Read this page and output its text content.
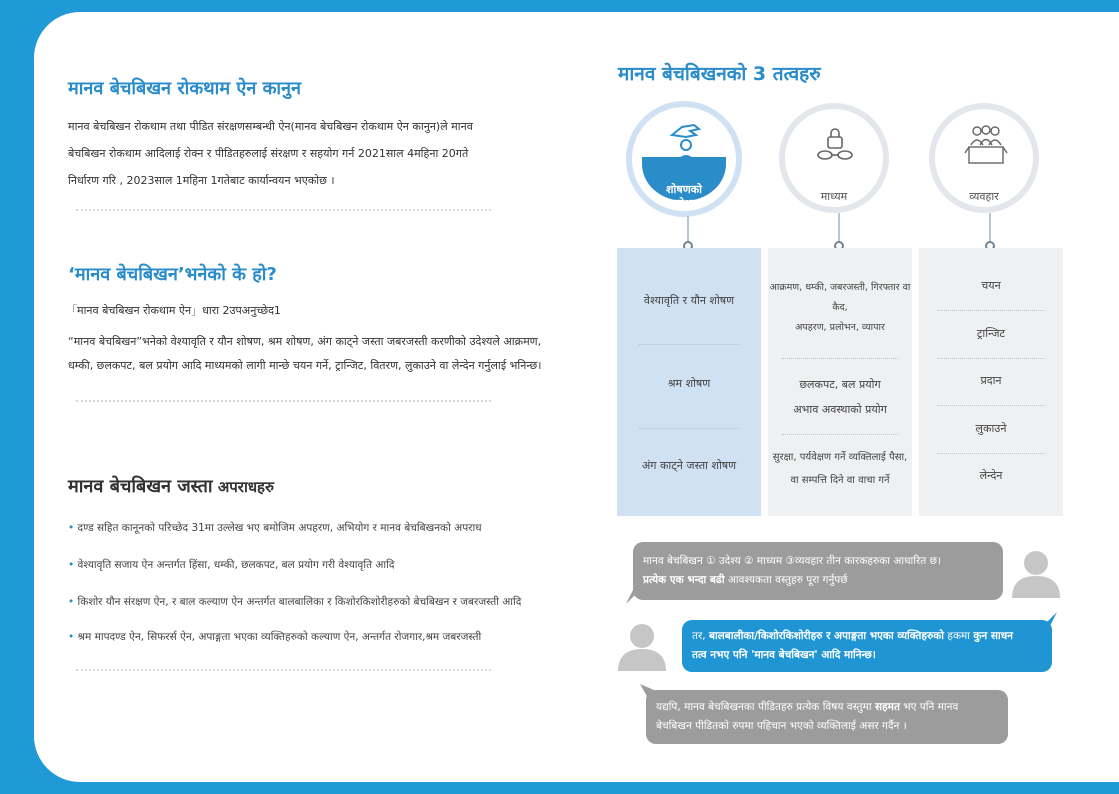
मानव बेचबिखन रोकथाम ऐन कानुन
मानव बेचबिखन रोकथाम तथा पीडित संरक्षणसम्बन्धी ऐन(मानव बेचबिखन रोकथाम ऐन कानुन)ले मानव
बेचबिखन रोकथाम आदिलाई रोक्न र पीडितहरुलाई संरक्षण र सहयोग गर्न 2021साल 4महिना 20गते
निर्धारण गरि , 2023साल 1महिना 1गतेबाट कार्यान्वयन भएकोछ ।
‘मानव बेचबिखन’भनेको के हो?
「मानव बेचबिखन रोकथाम ऐन」धारा 2उपअनुच्छेद1
“मानव बेचबिखन”भनेको वेश्यावृति र यौन शोषण, श्रम शोषण, अंग काट्ने जस्ता जबरजस्ती करणीको उदेश्यले आक्रमण,
धम्की, छलकपट, बल प्रयोग आदि माध्यमको लागी मान्छे चयन गर्ने, ट्रान्जिट, वितरण, लुकाउने वा लेन्देन गर्नुलाई भनिन्छ।
मानव बेचबिखन जस्ता अपराधहरु
• दण्ड सहित कानूनको परिच्छेद 31मा उल्लेख भए बमोजिम अपहरण, अभियोग र मानव बेचबिखनको अपराध
• वेश्यावृति सजाय ऐन अन्तर्गत हिंसा, धम्की, छलकपट, बल प्रयोग गरी वेश्यावृति आदि
• किशोर यौन संरक्षण ऐन, र बाल कल्याण ऐन अन्तर्गत बालबालिका र किशोरकिशोरीहरुको बेचबिखन र जबरजस्ती आदि
• श्रम मापदण्ड ऐन, सिफरर्स ऐन, अपाङ्गता भएका व्यक्तिहरुको कल्याण ऐन, अन्तर्गत रोजगार,श्रम जबरजस्ती
मानव बेचबिखनको 3 तत्वहरु
शोषणको
उदेश्य
माध्यम	व्यवहार
वेश्यावृति र यौन शोषण
श्रम शोषण
अंग काट्ने जस्ता शोषण
आक्रमण, धम्की, जबरजस्ती, गिरफ्तार वा
कैद,
अपहरण, प्रलोभन, व्यापार
छलकपट, बल प्रयोग
अभाव अवस्थाको प्रयोग
सुरक्षा, पर्यवेक्षण गर्ने व्यक्तिलाई पैसा,
वा सम्पत्ति दिने वा वाचा गर्ने
चयन
ट्रान्जिट
प्रदान
लुकाउने
लेन्देन
मानव बेचबिखन ① उदेश्य ② माध्यम ③व्यवहार तीन कारकहरुका आधारित छ।
प्रत्येक एक भन्दा बढी आवश्यकता वस्तुहरु पूरा गर्नुपर्छ
तर, बालबालीका/किशोरकिशोरीहरु र अपाङ्गता भएका व्यक्तिहरुको हकमा कुन साधन
तत्व नभए पनि 'मानव बेचबिखन' आदि मानिन्छ।
यद्यपि, मानव बेचबिखनका पीडितहरु प्रत्येक विषय वस्तुमा सहमत भए पनि मानव
बेचबिखन पीडितको रुपमा पहिचान भएको व्यक्तिलाई असर गर्दैन ।
